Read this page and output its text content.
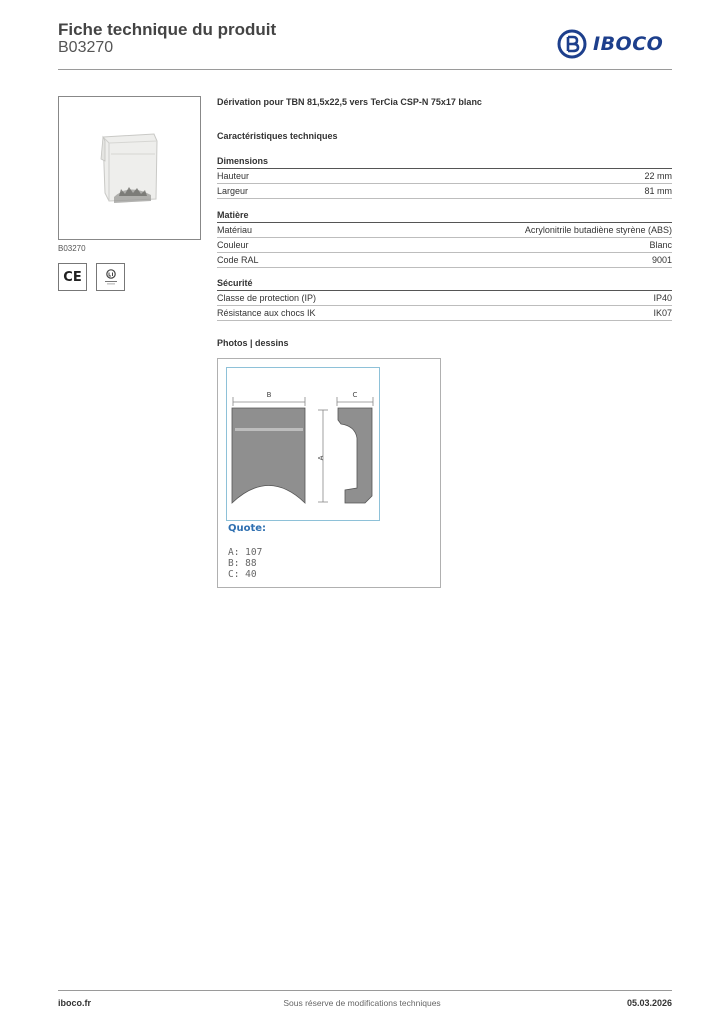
Fiche technique du produit
B03270	IBOCO
B03270
CE
Dérivation pour TBN 81,5x22,5 vers TerCia CSP-N 75x17 blanc
Caractéristiques techniques
Dimensions
Hauteur	22 mm
Largeur	81 mm
Matière
Matériau	Acrylonitrile butadiène styrène (ABS)
Couleur	Blanc
Code RAL	9001
Sécurité
Classe de protection (IP)	IP40
Résistance aux chocs IK	IK07
Photos | dessins
B	C
A
Quote:
A: 107
B: 88
C: 40
iboco.fr	Sous réserve de modifications techniques	05.03.2026
